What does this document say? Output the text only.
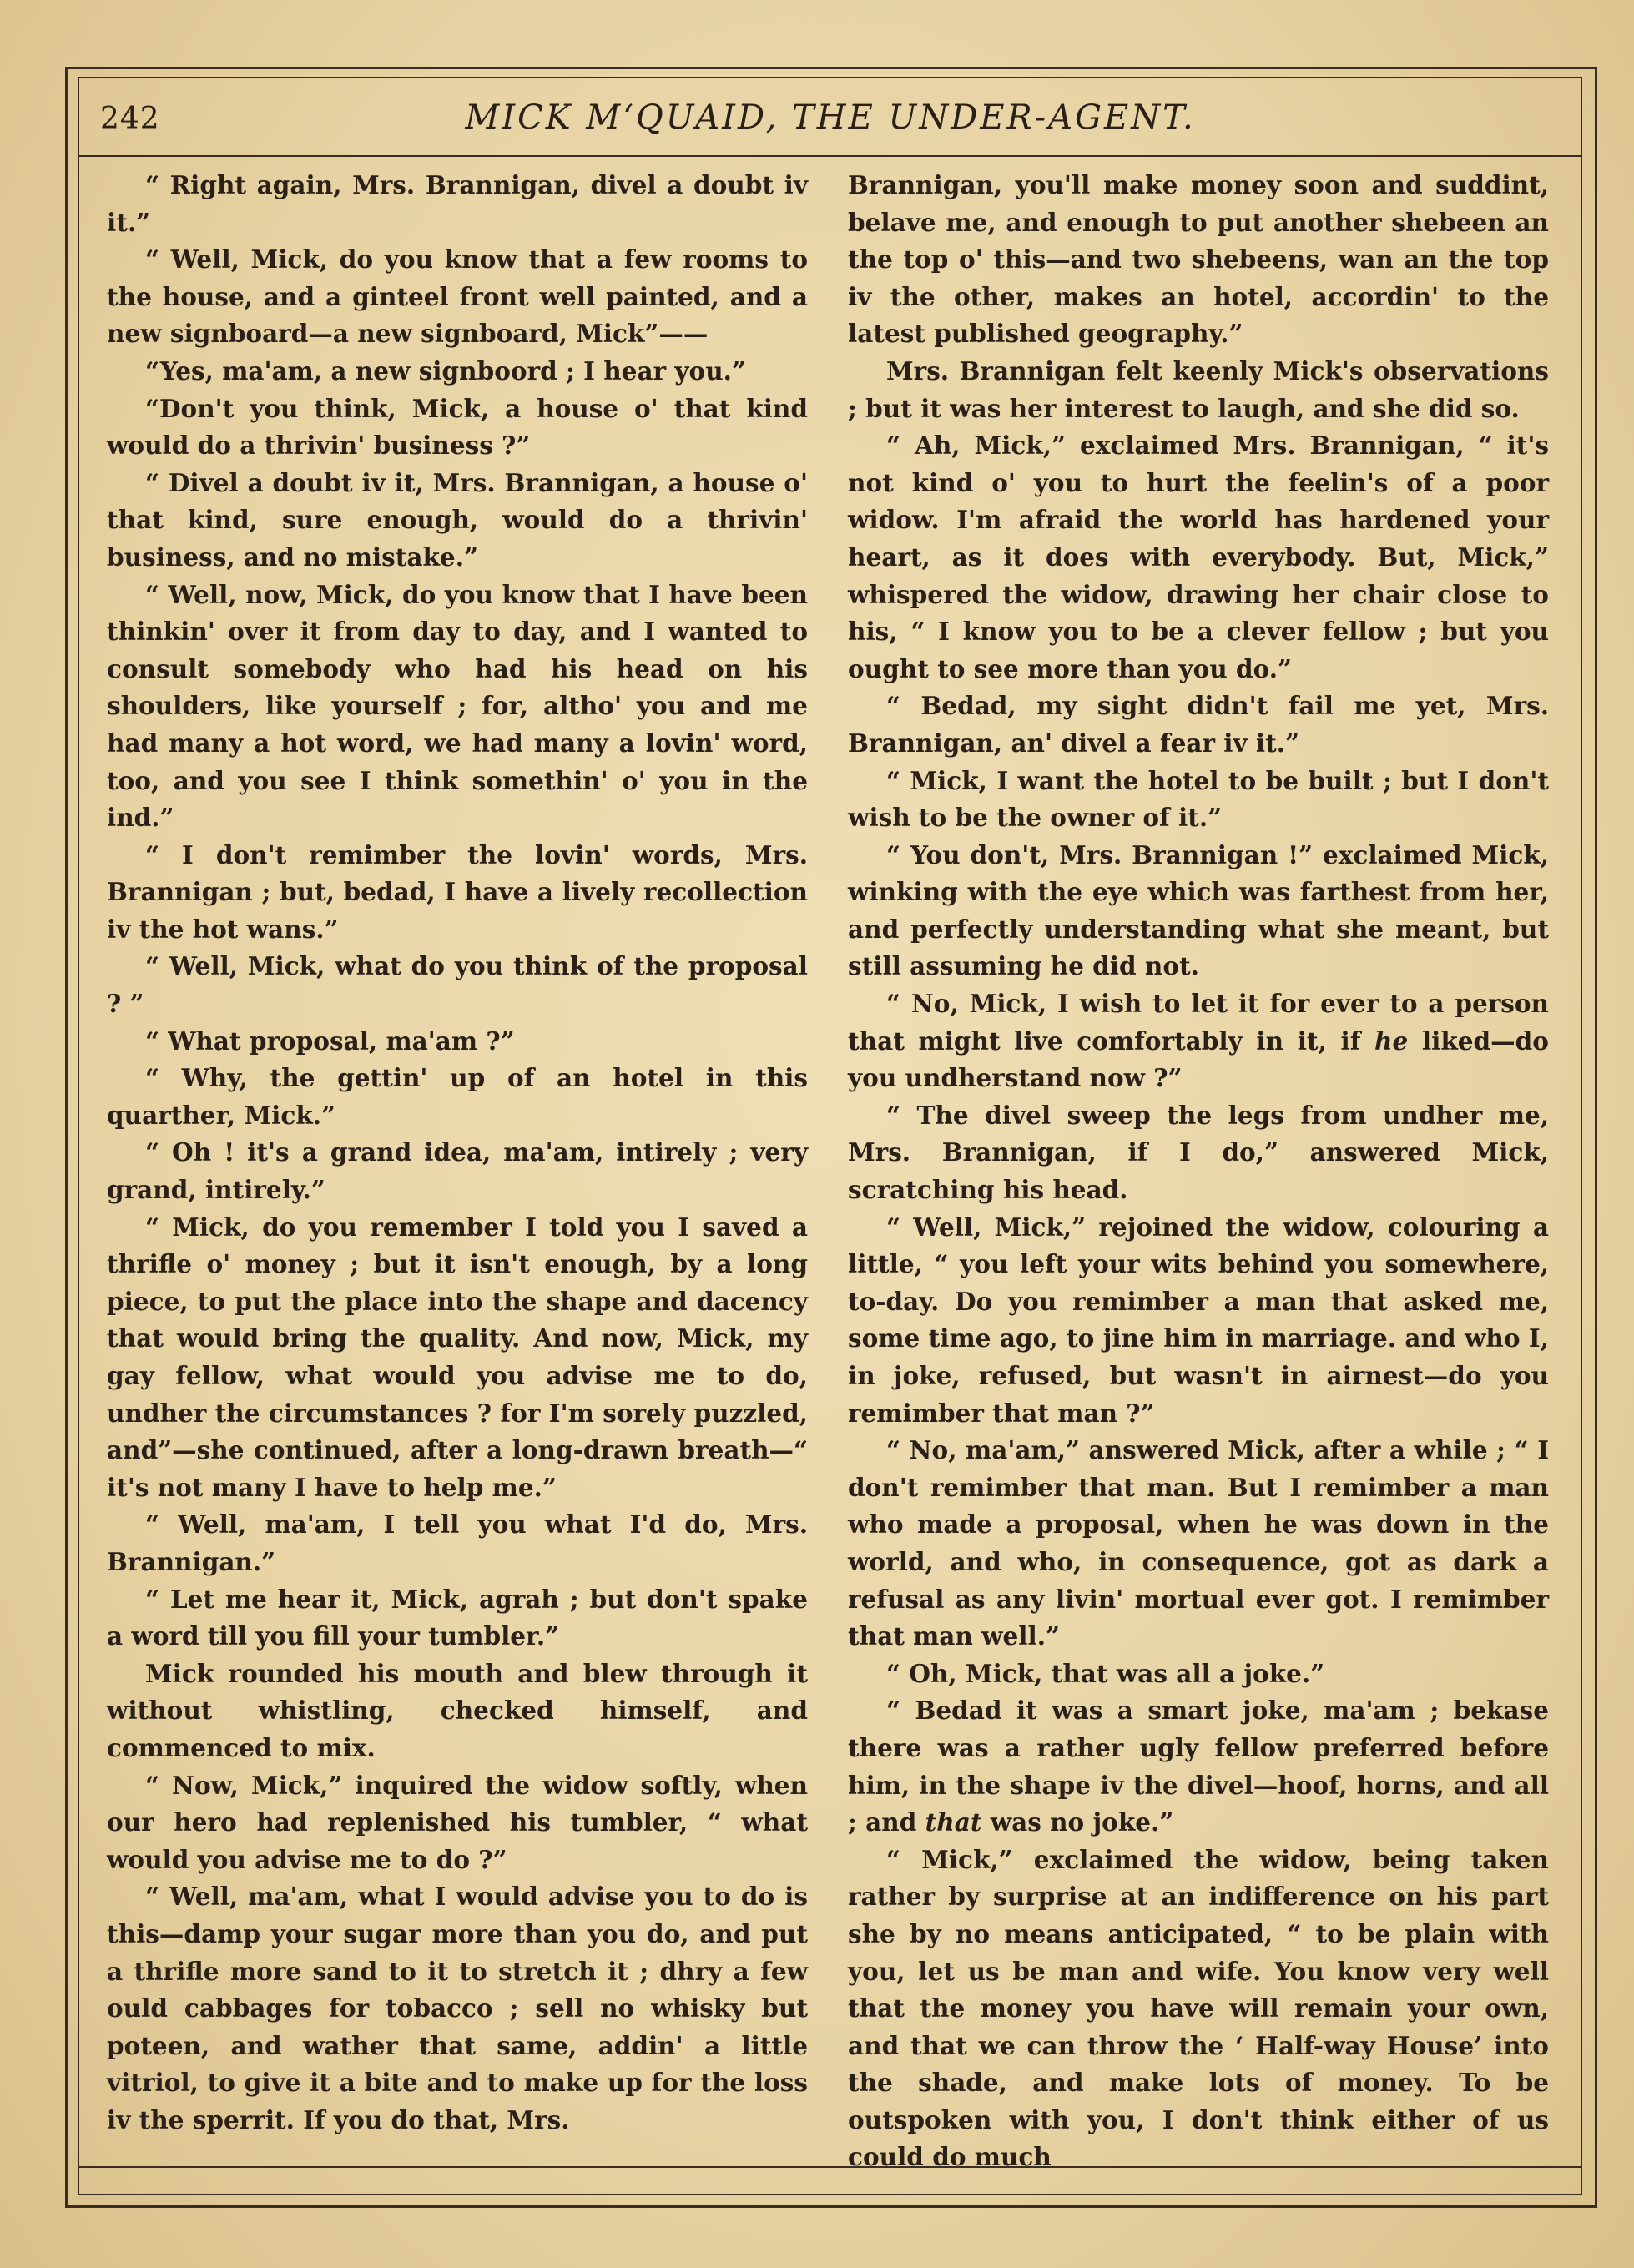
242	MICK M‘QUAID, THE UNDER-AGENT.

“ Right again, Mrs. Brannigan, divel a doubt iv it.”

“ Well, Mick, do you know that a few rooms to the house, and a ginteel front well painted, and a new signboard—a new signboard, Mick”——

“Yes, ma'am, a new signboord ; I hear you.”

“Don't you think, Mick, a house o' that kind would do a thrivin' business ?”

“ Divel a doubt iv it, Mrs. Brannigan, a house o' that kind, sure enough, would do a thrivin' business, and no mistake.”

“ Well, now, Mick, do you know that I have been thinkin' over it from day to day, and I wanted to consult somebody who had his head on his shoulders, like yourself ; for, altho' you and me had many a hot word, we had many a lovin' word, too, and you see I think somethin' o' you in the ind.”

“ I don't remimber the lovin' words, Mrs. Brannigan ; but, bedad, I have a lively recollection iv the hot wans.”

“ Well, Mick, what do you think of the proposal ? ”

“ What proposal, ma'am ?”

“ Why, the gettin' up of an hotel in this quarther, Mick.”

“ Oh ! it's a grand idea, ma'am, intirely ; very grand, intirely.”

“ Mick, do you remember I told you I saved a thrifle o' money ; but it isn't enough, by a long piece, to put the place into the shape and dacency that would bring the quality. And now, Mick, my gay fellow, what would you advise me to do, undher the circumstances ? for I'm sorely puzzled, and”—she continued, after a long-drawn breath—“ it's not many I have to help me.”

“ Well, ma'am, I tell you what I'd do, Mrs. Brannigan.”

“ Let me hear it, Mick, agrah ; but don't spake a word till you fill your tumbler.”

Mick rounded his mouth and blew through it without whistling, checked himself, and commenced to mix.

“ Now, Mick,” inquired the widow softly, when our hero had replenished his tumbler, “ what would you advise me to do ?”

“ Well, ma'am, what I would advise you to do is this—damp your sugar more than you do, and put a thrifle more sand to it to stretch it ; dhry a few ould cabbages for tobacco ; sell no whisky but poteen, and wather that same, addin' a little vitriol, to give it a bite and to make up for the loss iv the sperrit. If you do that, Mrs.

Brannigan, you'll make money soon and suddint, belave me, and enough to put another shebeen an the top o' this—and two shebeens, wan an the top iv the other, makes an hotel, accordin' to the latest published geography.”

Mrs. Brannigan felt keenly Mick's observations ; but it was her interest to laugh, and she did so.

“ Ah, Mick,” exclaimed Mrs. Brannigan, “ it's not kind o' you to hurt the feelin's of a poor widow. I'm afraid the world has hardened your heart, as it does with everybody. But, Mick,” whispered the widow, drawing her chair close to his, “ I know you to be a clever fellow ; but you ought to see more than you do.”

“ Bedad, my sight didn't fail me yet, Mrs. Brannigan, an' divel a fear iv it.”

“ Mick, I want the hotel to be built ; but I don't wish to be the owner of it.”

“ You don't, Mrs. Brannigan !” exclaimed Mick, winking with the eye which was farthest from her, and perfectly understanding what she meant, but still assuming he did not.

“ No, Mick, I wish to let it for ever to a person that might live comfortably in it, if he liked—do you undherstand now ?”

“ The divel sweep the legs from undher me, Mrs. Brannigan, if I do,” answered Mick, scratching his head.

“ Well, Mick,” rejoined the widow, colouring a little, “ you left your wits behind you somewhere, to-day. Do you remimber a man that asked me, some time ago, to jine him in marriage. and who I, in joke, refused, but wasn't in airnest—do you remimber that man ?”

“ No, ma'am,” answered Mick, after a while ; “ I don't remimber that man. But I remimber a man who made a proposal, when he was down in the world, and who, in consequence, got as dark a refusal as any livin' mortual ever got. I remimber that man well.”

“ Oh, Mick, that was all a joke.”

“ Bedad it was a smart joke, ma'am ; bekase there was a rather ugly fellow preferred before him, in the shape iv the divel—hoof, horns, and all ; and that was no joke.”

“ Mick,” exclaimed the widow, being taken rather by surprise at an indifference on his part she by no means anticipated, “ to be plain with you, let us be man and wife. You know very well that the money you have will remain your own, and that we can throw the ‘ Half-way House’ into the shade, and make lots of money. To be outspoken with you, I don't think either of us could do much
